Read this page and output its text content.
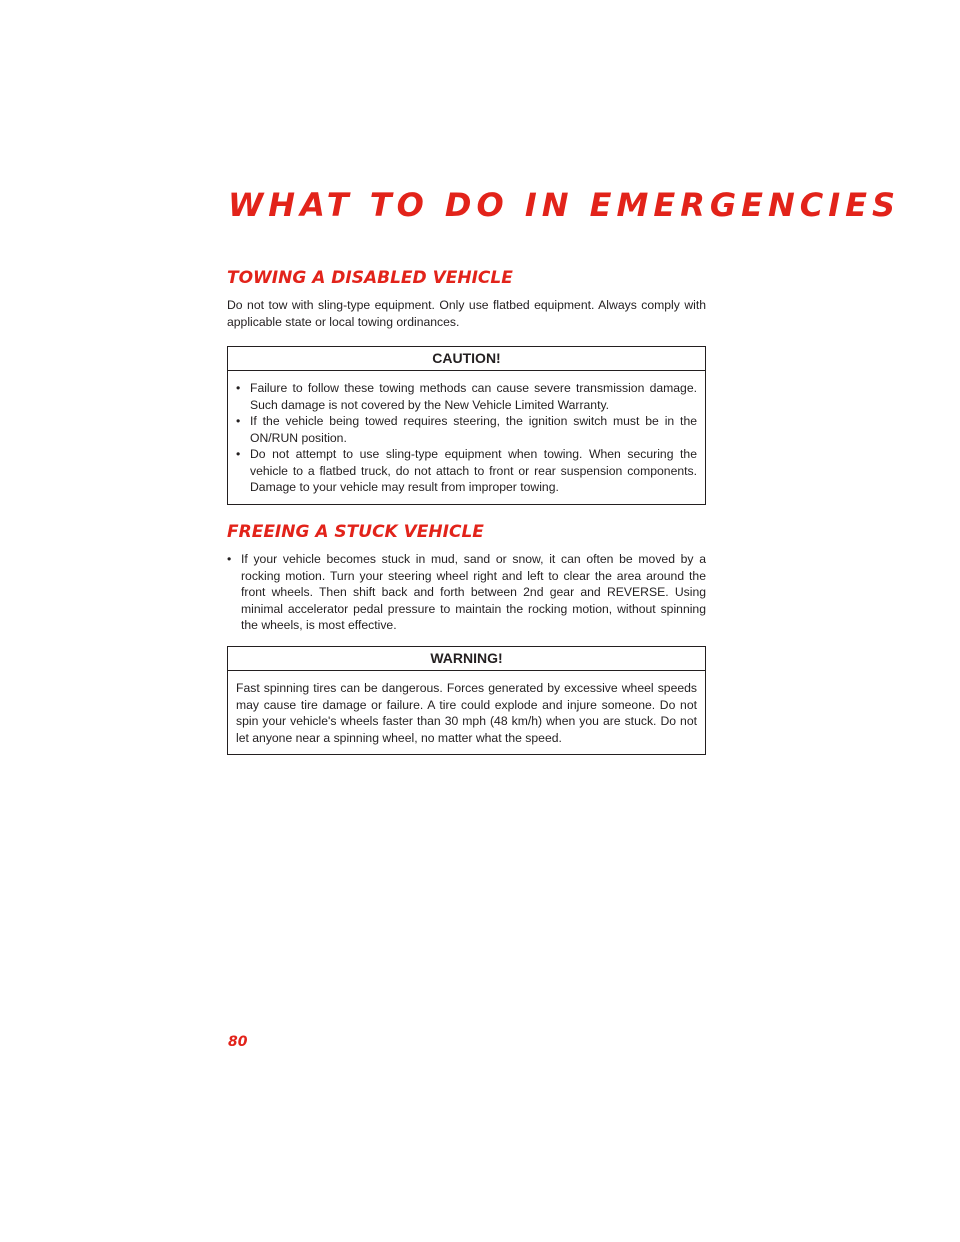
WHAT TO DO IN EMERGENCIES
TOWING A DISABLED VEHICLE

Do not tow with sling-type equipment. Only use flatbed equipment. Always comply with applicable state or local towing ordinances.

CAUTION!
• Failure to follow these towing methods can cause severe transmission damage. Such damage is not covered by the New Vehicle Limited Warranty.
• If the vehicle being towed requires steering, the ignition switch must be in the ON/RUN position.
• Do not attempt to use sling-type equipment when towing. When securing the vehicle to a flatbed truck, do not attach to front or rear suspension components. Damage to your vehicle may result from improper towing.
FREEING A STUCK VEHICLE
• If your vehicle becomes stuck in mud, sand or snow, it can often be moved by a rocking motion. Turn your steering wheel right and left to clear the area around the front wheels. Then shift back and forth between 2nd gear and REVERSE. Using minimal accelerator pedal pressure to maintain the rocking motion, without spinning the wheels, is most effective.
WARNING!

Fast spinning tires can be dangerous. Forces generated by excessive wheel speeds may cause tire damage or failure. A tire could explode and injure someone. Do not spin your vehicle's wheels faster than 30 mph (48 km/h) when you are stuck. Do not let anyone near a spinning wheel, no matter what the speed.

80
